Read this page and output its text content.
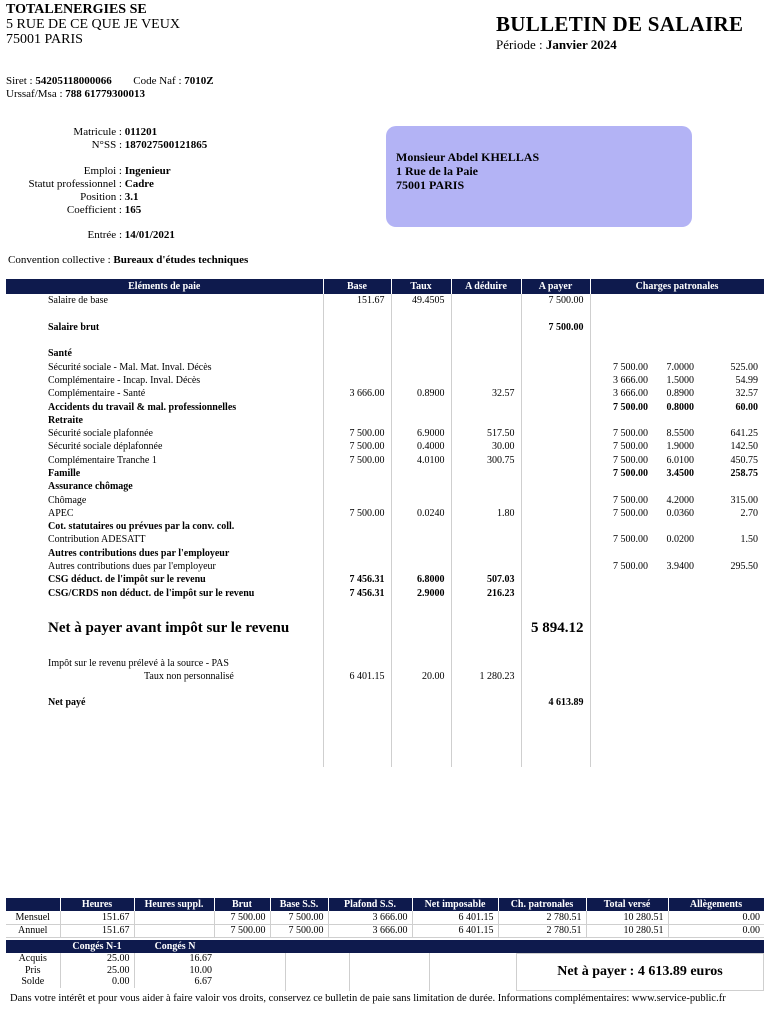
TOTALENERGIES SE
5 RUE DE CE QUE JE VEUX
75001 PARIS
BULLETIN DE SALAIRE
Période : Janvier 2024
Siret : 54205118000066 Code Naf : 7010Z
Urssaf/Msa : 788 61779300013
Matricule : 011201
N°SS : 187027500121865
Emploi : Ingenieur
Statut professionnel : Cadre
Position : 3.1
Coefficient : 165
Entrée : 14/01/2021
Convention collective : Bureaux d'études techniques
Monsieur Abdel KHELLAS
1 Rue de la Paie
75001 PARIS
Eléments de paie	Base	Taux	A déduire	A payer	Charges patronales		
Salaire de base	151.67	49.4505		7 500.00			

Salaire brut				7 500.00			

Santé							
Sécurité sociale - Mal. Mat. Inval. Décès					7 500.00	7.0000	525.00
Complémentaire - Incap. Inval. Décès					3 666.00	1.5000	54.99
Complémentaire - Santé	3 666.00	0.8900	32.57		3 666.00	0.8900	32.57
Accidents du travail & mal. professionnelles					7 500.00	0.8000	60.00
Retraite							
Sécurité sociale plafonnée	7 500.00	6.9000	517.50		7 500.00	8.5500	641.25
Sécurité sociale déplafonnée	7 500.00	0.4000	30.00		7 500.00	1.9000	142.50
Complémentaire Tranche 1	7 500.00	4.0100	300.75		7 500.00	6.0100	450.75
Famille					7 500.00	3.4500	258.75
Assurance chômage							
Chômage					7 500.00	4.2000	315.00
APEC	7 500.00	0.0240	1.80		7 500.00	0.0360	2.70
Cot. statutaires ou prévues par la conv. coll.							
Contribution ADESATT					7 500.00	0.0200	1.50
Autres contributions dues par l'employeur							
Autres contributions dues par l'employeur					7 500.00	3.9400	295.50
CSG déduct. de l'impôt sur le revenu	7 456.31	6.8000	507.03				
CSG/CRDS non déduct. de l'impôt sur le revenu	7 456.31	2.9000	216.23				

Net à payer avant impôt sur le revenu				5 894.12			

Impôt sur le revenu prélevé à la source - PAS							
Taux non personnalisé	6 401.15	20.00	1 280.23				

Net payé				4 613.89			

	Heures	Heures suppl.	Brut	Base S.S.	Plafond S.S.	Net imposable	Ch. patronales	Total versé	Allègements
Mensuel	151.67		7 500.00	7 500.00	3 666.00	6 401.15	2 780.51	10 280.51	0.00
Annuel	151.67		7 500.00	7 500.00	3 666.00	6 401.15	2 780.51	10 280.51	0.00
	Congés N-1	Congés N
Acquis	25.00	16.67
Pris	25.00	10.00
Solde	0.00	6.67
Net à payer : 4 613.89 euros
Dans votre intérêt et pour vous aider à faire valoir vos droits, conservez ce bulletin de paie sans limitation de durée. Informations complémentaires: www.service-public.fr
